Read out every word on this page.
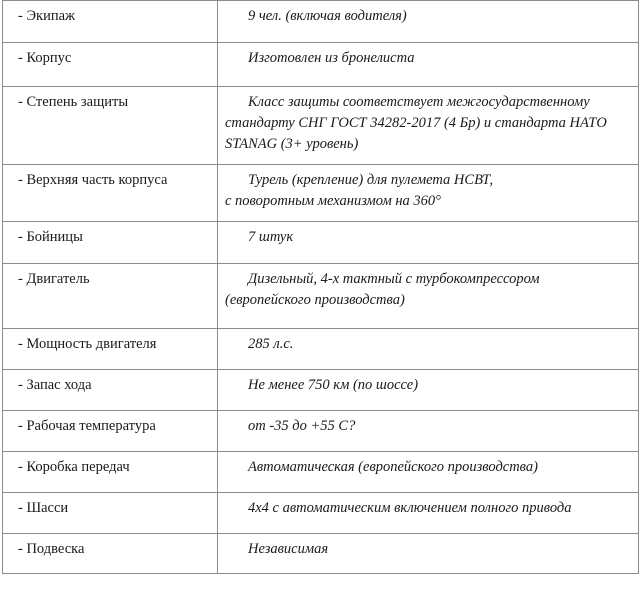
- Экипаж	9 чел. (включая водителя)

- Корпус	Изготовлен из бронелиста

- Степень защиты	Класс защиты соответствует межгосударственному стандарту СНГ ГОСТ 34282-2017 (4 Бр) и стандарта НАТО STANAG (3+ уровень)

- Верхняя часть корпуса	Турель (крепление) для пулемета НСВТ,
с поворотным механизмом на 360°

- Бойницы	7 штук

- Двигатель	Дизельный, 4-х тактный с турбокомпрессором (европейского производства)

- Мощность двигателя	285 л.с.

- Запас хода	Не менее 750 км (по шоссе)

- Рабочая температура	от -35 до +55 С?

- Коробка передач	Автоматическая (европейского производства)

- Шасси	4х4 с автоматическим включением полного привода

- Подвеска	Независимая
